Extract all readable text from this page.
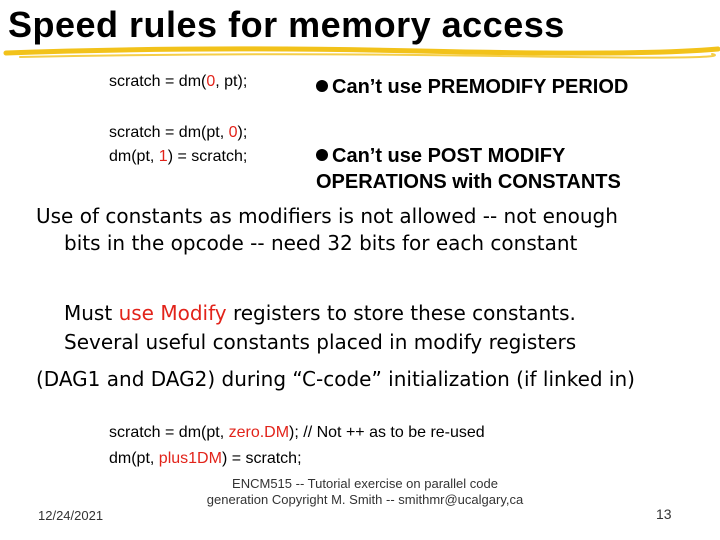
Speed rules for memory access
scratch = dm(0, pt);
scratch = dm(pt, 0);
dm(pt, 1) = scratch;
Can’t use PREMODIFY PERIOD
Can’t use POST MODIFY
OPERATIONS with CONSTANTS
Use of constants as modifiers is not allowed -- not enough
bits in the opcode -- need 32 bits for each constant
Must use Modify registers to store these constants.
Several useful constants placed in modify registers
(DAG1 and DAG2) during “C-code” initialization (if linked in)
scratch = dm(pt, zero.DM); // Not ++ as to be re-used
dm(pt, plus1DM) = scratch;
12/24/2021
ENCM515 -- Tutorial exercise on parallel code generation Copyright M. Smith -- smithmr@ucalgary,ca
13
